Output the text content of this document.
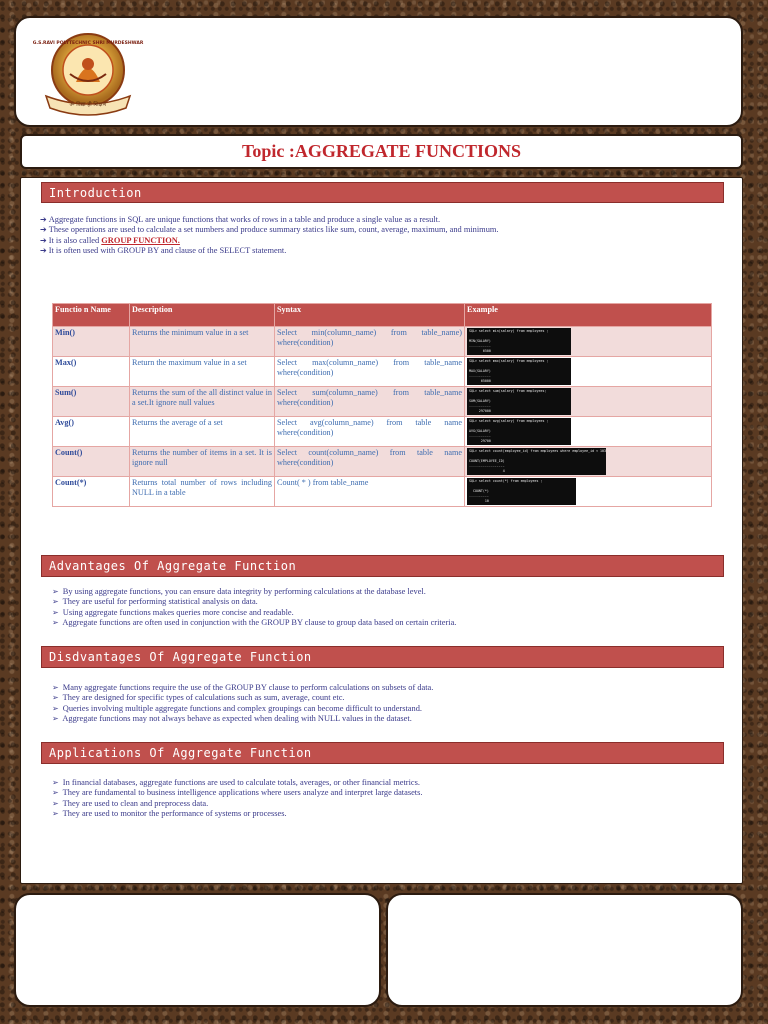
ॐ विद्या ही शिक्षण
G.S.RAVI POLYTECHNIC SHRI MURDESHWAR
Topic :AGGREGATE FUNCTIONS
Introduction
➔ Aggregate functions in SQL are unique functions that works of rows in a table and produce a single value as a result.
➔ These operations are used to calculate a set numbers and produce summary statics like sum, count, average, maximum, and minimum.
➔ It is also called GROUP FUNCTION.
➔ It is often used with GROUP BY and clause of the SELECT statement.
Functio n Name	Description	Syntax	Example
Min()	Returns the minimum value in a set	Select min(column_name) from table_name) where(condition)	SQL> select min(salary) from employees ;

MIN(SALARY)
-----------
6500

Max()	Return the maximum value in a set	Select max(column_name) from table_name where(condition)	SQL> select max(salary) from employees ;

MAX(SALARY)
-----------
65000

Sum()	Returns the sum of the all distinct value in a set.It ignore null values	Select sum(column_name) from table_name where(condition)	SQL> select sum(salary) from employees;

SUM(SALARY)
-----------
297000

Avg()	Returns the average of a set	Select avg(column_name) from table name where(condition)	SQL> select avg(salary) from employees ;

AVG(SALARY)
-----------
29700

Count()	Returns the number of items in a set. It is ignore null	Select count(column_name) from table name where(condition)	SQL> select count(employee_id) from employees where employee_id < 103

COUNT(EMPLOYEE_ID)
------------------
4

Count(*)	Returns total number of rows including NULL in a table	Count( * ) from table_name	SQL> select count(*) from employees ;

COUNT(*)
----------
10
Advantages Of Aggregate Function
➢ By using aggregate functions, you can ensure data integrity by performing calculations at the database level.
➢ They are useful for performing statistical analysis on data.
➢ Using aggregate functions makes queries more concise and readable.
➢ Aggregate functions are often used in conjunction with the GROUP BY clause to group data based on certain criteria.
Disdvantages Of Aggregate Function
➢ Many aggregate functions require the use of the GROUP BY clause to perform calculations on subsets of data.
➢ They are designed for specific types of calculations such as sum, average, count etc.
➢ Queries involving multiple aggregate functions and complex groupings can become difficult to understand.
➢ Aggregate functions may not always behave as expected when dealing with NULL values in the dataset.
Applications Of Aggregate Function
➢ In financial databases, aggregate functions are used to calculate totals, averages, or other financial metrics.
➢ They are fundamental to business intelligence applications where users analyze and interpret large datasets.
➢ They are used to clean and preprocess data.
➢ They are used to monitor the performance of systems or processes.
